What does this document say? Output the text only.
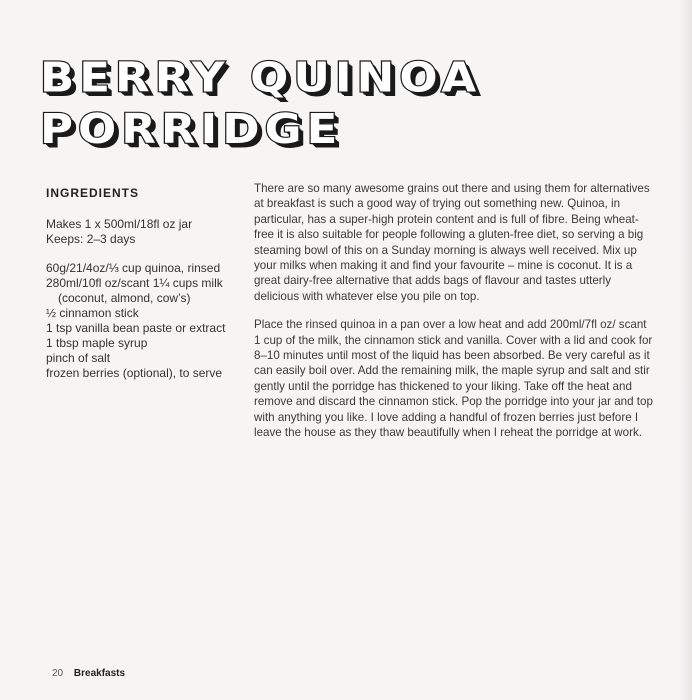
BERRY QUINOA
PORRIDGE
INGREDIENTS
Makes 1 x 500ml/18fl oz jar
Keeps: 2–3 days
60g/21/4oz/⅓ cup quinoa, rinsed
280ml/10fl oz/scant 1¼ cups milk (coconut, almond, cow’s)
½ cinnamon stick
1 tsp vanilla bean paste or extract
1 tbsp maple syrup
pinch of salt
frozen berries (optional), to serve

There are so many awesome grains out there and using them for alternatives at breakfast is such a good way of trying out something new. Quinoa, in particular, has a super-high protein content and is full of fibre. Being wheat-free it is also suitable for people following a gluten-free diet, so serving a big steaming bowl of this on a Sunday morning is always well received. Mix up your milks when making it and find your favourite – mine is coconut. It is a great dairy-free alternative that adds bags of flavour and tastes utterly delicious with whatever else you pile on top.

Place the rinsed quinoa in a pan over a low heat and add 200ml/7fl oz/ scant 1 cup of the milk, the cinnamon stick and vanilla. Cover with a lid and cook for 8–10 minutes until most of the liquid has been absorbed. Be very careful as it can easily boil over. Add the remaining milk, the maple syrup and salt and stir gently until the porridge has thickened to your liking. Take off the heat and remove and discard the cinnamon stick. Pop the porridge into your jar and top with anything you like. I love adding a handful of frozen berries just before I leave the house as they thaw beautifully when I reheat the porridge at work.

20 Breakfasts
